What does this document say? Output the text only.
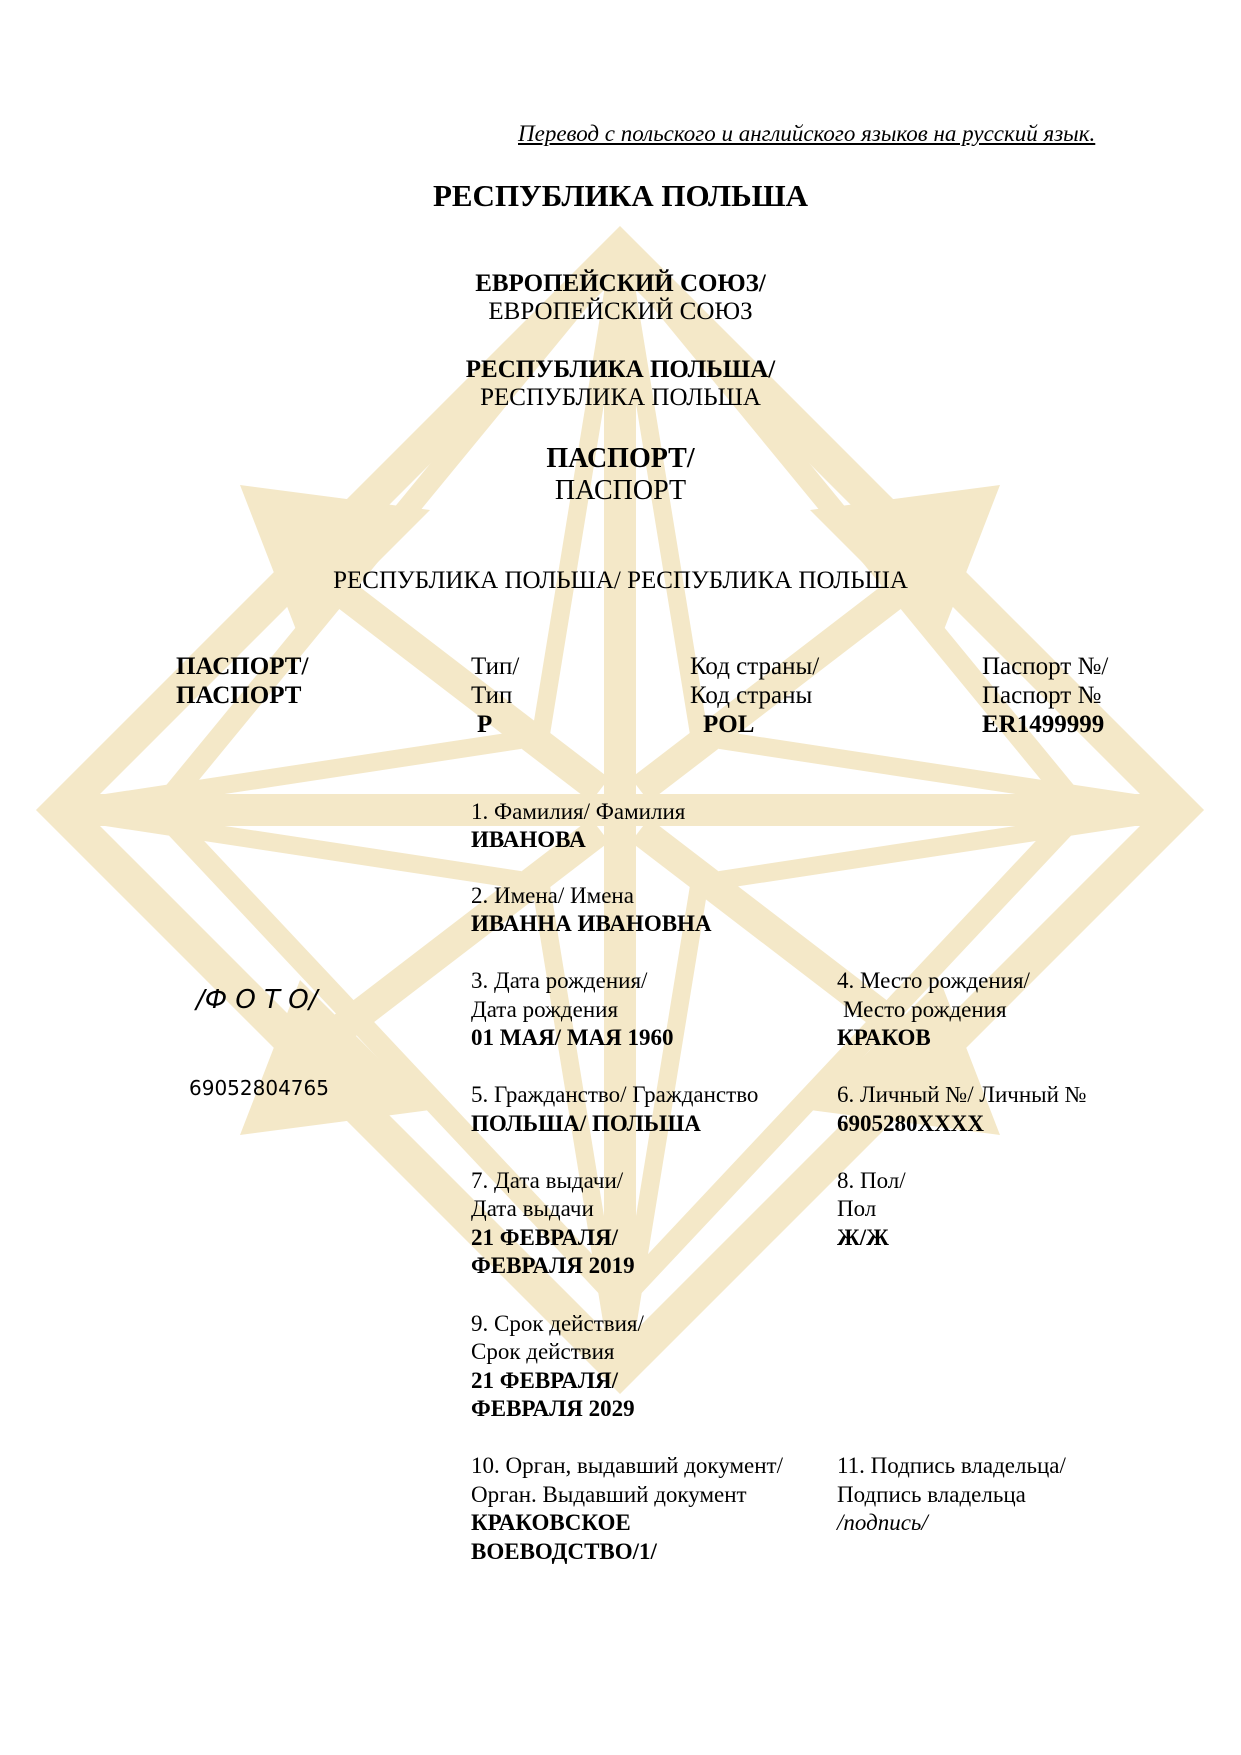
Перевод с польского и английского языков на русский язык.
РЕСПУБЛИКА ПОЛЬША
ЕВРОПЕЙСКИЙ СОЮЗ/
ЕВРОПЕЙСКИЙ СОЮЗ
РЕСПУБЛИКА ПОЛЬША/
РЕСПУБЛИКА ПОЛЬША
ПАСПОРТ/
ПАСПОРТ
РЕСПУБЛИКА ПОЛЬША/ РЕСПУБЛИКА ПОЛЬША
ПАСПОРТ/
ПАСПОРТ
Тип/
Тип
P
Код страны/
Код страны
POL
Паспорт №/
Паспорт №
ER1499999
/Ф О Т О/
69052804765
1. Фамилия/ Фамилия
ИВАНОВА
2. Имена/ Имена
ИВАННА ИВАНОВНА
3. Дата рождения/
Дата рождения
01 МАЯ/ МАЯ 1960
5. Гражданство/ Гражданство
ПОЛЬША/ ПОЛЬША
7. Дата выдачи/
Дата выдачи
21 ФЕВРАЛЯ/
ФЕВРАЛЯ 2019
9. Срок действия/
Срок действия
21 ФЕВРАЛЯ/
ФЕВРАЛЯ 2029
10. Орган, выдавший документ/
Орган. Выдавший документ
КРАКОВСКОЕ
ВОЕВОДСТВО/1/
4. Место рождения/
Место рождения
КРАКОВ
6. Личный №/ Личный №
6905280XXXX
8. Пол/
Пол
Ж/Ж
11. Подпись владельца/
Подпись владельца
/подпись/
